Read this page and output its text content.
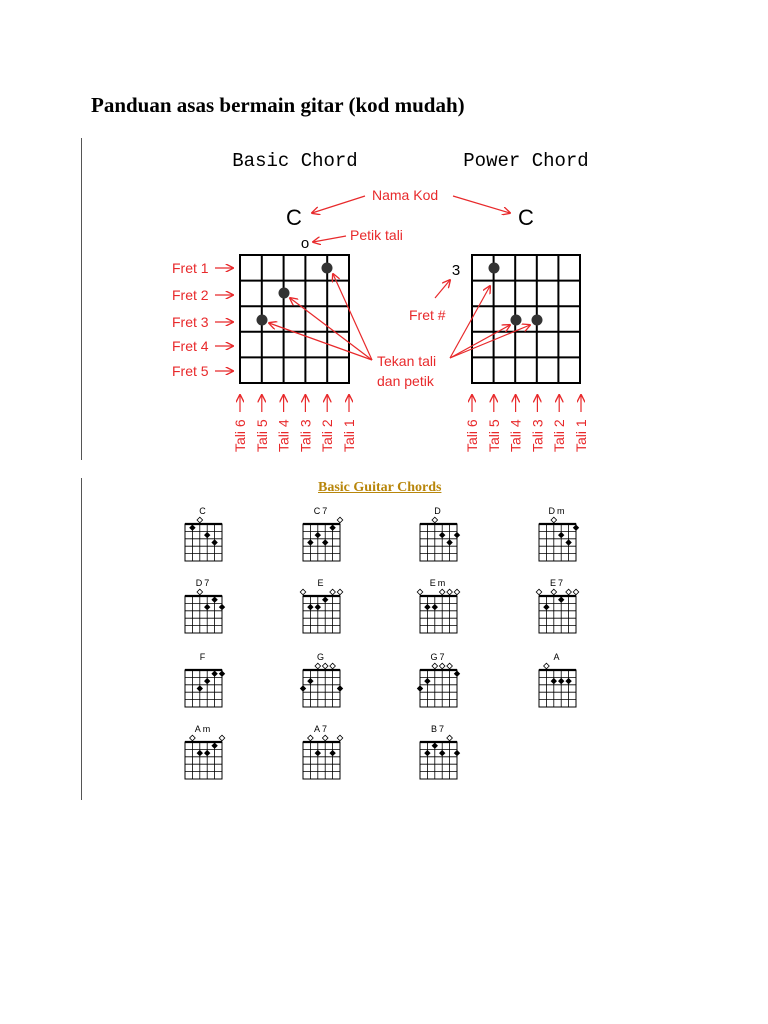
Panduan asas bermain gitar (kod mudah)
Basic Chord	Power Chord
C	C
o
3
Nama Kod
Petik tali
Fret #
Tekan tali
dan petik
Fret 1
Fret 2
Fret 3
Fret 4
Fret 5
Tali 6 Tali 5 Tali 4 Tali 3 Tali 2 Tali 1	Tali 6 Tali 5 Tali 4 Tali 3 Tali 2 Tali 1
Basic Guitar Chords
C	C7	D	Dm
D7	E	Em	E7
F	G	G7	A
Am	A7	B7
